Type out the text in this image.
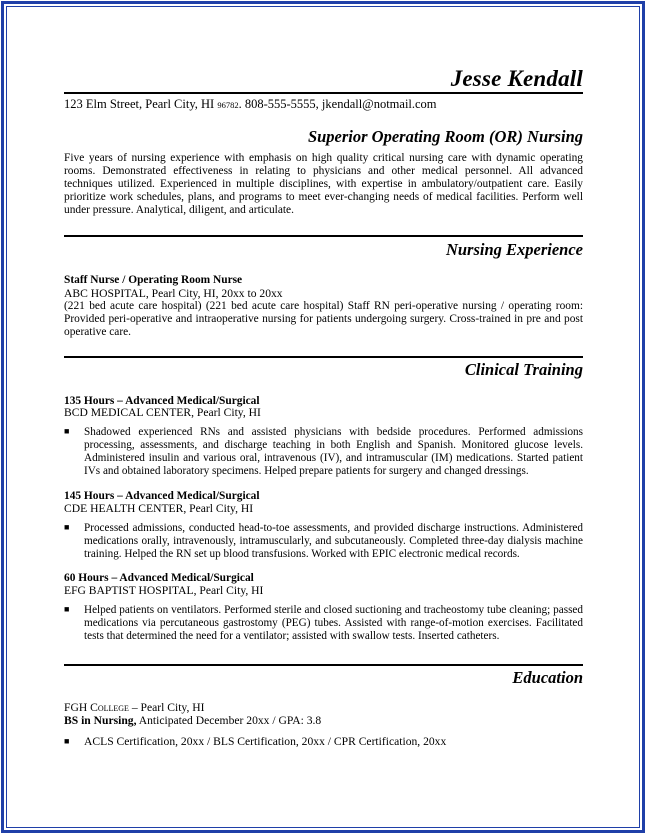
Jesse Kendall
123 Elm Street, Pearl City, HI 96782. 808-555-5555, jkendall@notmail.com
Superior Operating Room (OR) Nursing
Five years of nursing experience with emphasis on high quality critical nursing care with dynamic operating rooms. Demonstrated effectiveness in relating to physicians and other medical personnel. All advanced techniques utilized. Experienced in multiple disciplines, with expertise in ambulatory/outpatient care. Easily prioritize work schedules, plans, and programs to meet ever-changing needs of medical facilities. Perform well under pressure. Analytical, diligent, and articulate.
Nursing Experience
Staff Nurse / Operating Room Nurse
ABC HOSPITAL, Pearl City, HI, 20xx to 20xx
(221 bed acute care hospital) (221 bed acute care hospital) Staff RN peri-operative nursing / operating room: Provided peri-operative and intraoperative nursing for patients undergoing surgery. Cross-trained in pre and post operative care.
Clinical Training
135 Hours – Advanced Medical/Surgical
BCD MEDICAL CENTER, Pearl City, HI
■ Shadowed experienced RNs and assisted physicians with bedside procedures. Performed admissions processing, assessments, and discharge teaching in both English and Spanish. Monitored glucose levels. Administered insulin and various oral, intravenous (IV), and intramuscular (IM) medications. Started patient IVs and obtained laboratory specimens. Helped prepare patients for surgery and changed dressings.
145 Hours – Advanced Medical/Surgical
CDE HEALTH CENTER, Pearl City, HI
■ Processed admissions, conducted head-to-toe assessments, and provided discharge instructions. Administered medications orally, intravenously, intramuscularly, and subcutaneously. Completed three-day dialysis machine training. Helped the RN set up blood transfusions. Worked with EPIC electronic medical records.
60 Hours – Advanced Medical/Surgical
EFG BAPTIST HOSPITAL, Pearl City, HI
■ Helped patients on ventilators. Performed sterile and closed suctioning and tracheostomy tube cleaning; passed medications via percutaneous gastrostomy (PEG) tubes. Assisted with range-of-motion exercises. Facilitated tests that determined the need for a ventilator; assisted with swallow tests. Inserted catheters.
Education
FGH College – Pearl City, HI
BS in Nursing, Anticipated December 20xx / GPA: 3.8
■ ACLS Certification, 20xx / BLS Certification, 20xx / CPR Certification, 20xx
